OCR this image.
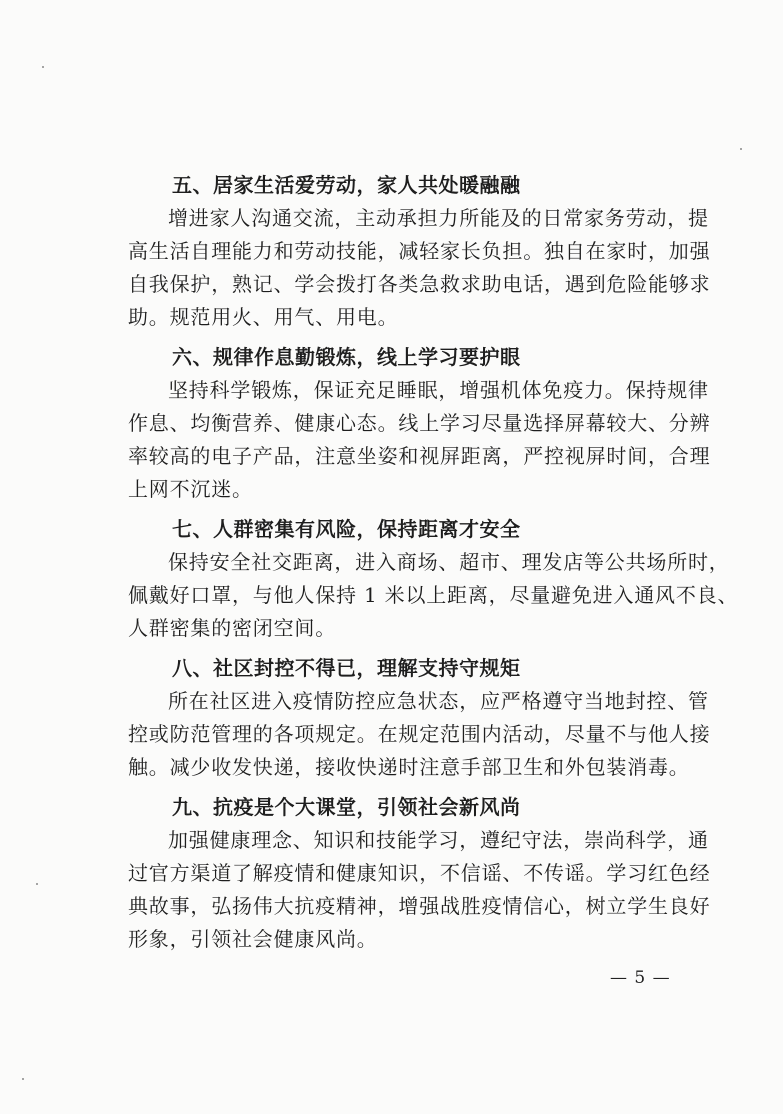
五、居家生活爱劳动，家人共处暖融融

增进家人沟通交流，主动承担力所能及的日常家务劳动，提
高生活自理能力和劳动技能，减轻家长负担。独自在家时，加强
自我保护，熟记、学会拨打各类急救求助电话，遇到危险能够求
助。规范用火、用气、用电。

六、规律作息勤锻炼，线上学习要护眼

坚持科学锻炼，保证充足睡眠，增强机体免疫力。保持规律
作息、均衡营养、健康心态。线上学习尽量选择屏幕较大、分辨
率较高的电子产品，注意坐姿和视屏距离，严控视屏时间，合理
上网不沉迷。

七、人群密集有风险，保持距离才安全

保持安全社交距离，进入商场、超市、理发店等公共场所时，
佩戴好口罩，与他人保持 1 米以上距离，尽量避免进入通风不良、
人群密集的密闭空间。

八、社区封控不得已，理解支持守规矩

所在社区进入疫情防控应急状态，应严格遵守当地封控、管
控或防范管理的各项规定。在规定范围内活动，尽量不与他人接
触。减少收发快递，接收快递时注意手部卫生和外包装消毒。

九、抗疫是个大课堂，引领社会新风尚

加强健康理念、知识和技能学习，遵纪守法，崇尚科学，通
过官方渠道了解疫情和健康知识，不信谣、不传谣。学习红色经
典故事，弘扬伟大抗疫精神，增强战胜疫情信心，树立学生良好
形象，引领社会健康风尚。

— 5 —
